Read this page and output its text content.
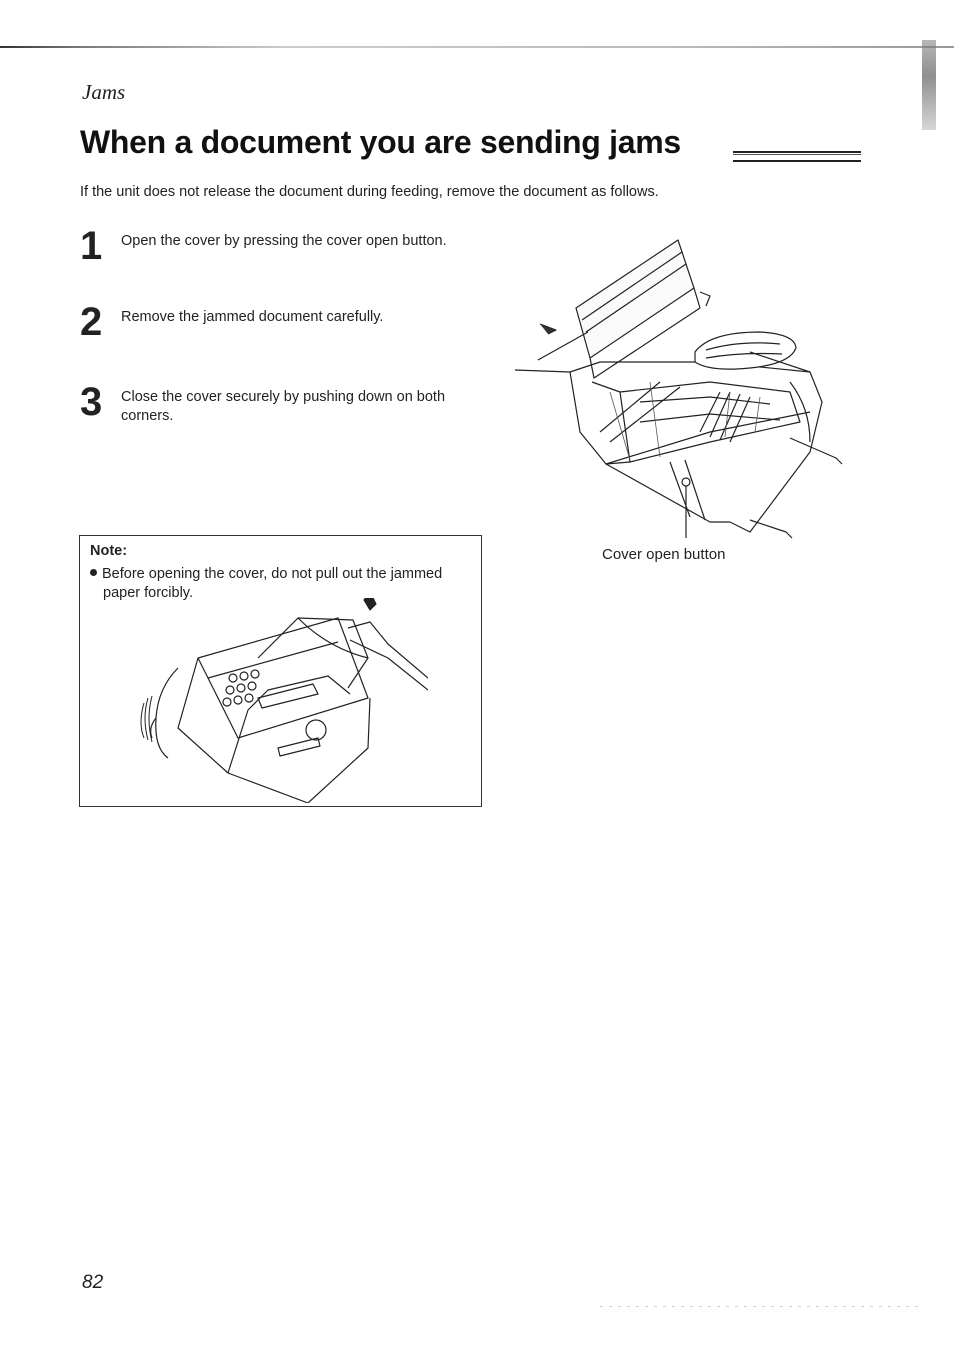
Jams
When a document you are sending jams

If the unit does not release the document during feeding, remove the document as follows.

1 Open the cover by pressing the cover open button.

2 Remove the jammed document carefully.

3 Close the cover securely by pushing down on both corners.

Cover open button

Note:

Before opening the cover, do not pull out the jammed paper forcibly.

82
